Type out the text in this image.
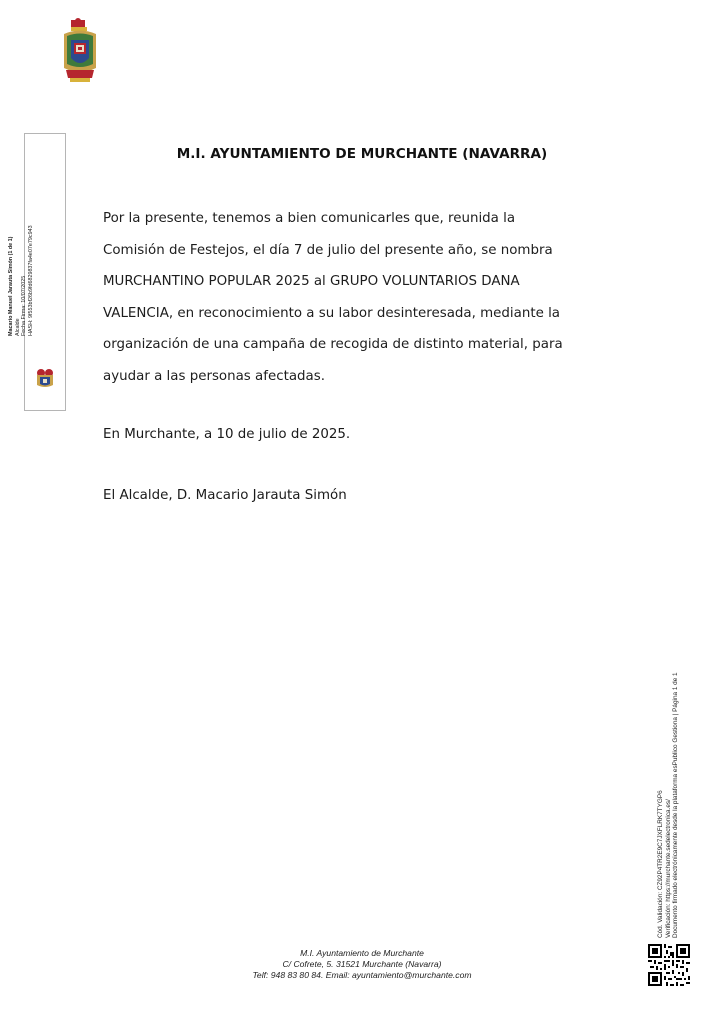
Macario Manuel Jarauta Simón (1 de 1) Alcalde Fecha Firma: 10/07/2025 HASH: 9f553bf26b9fd6829837fa4e07e79c943
M.I. AYUNTAMIENTO DE MURCHANTE (NAVARRA)

Por la presente, tenemos a bien comunicarles que, reunida la

Comisión de Festejos, el día 7 de julio del presente año, se nombra

MURCHANTINO POPULAR 2025 al GRUPO VOLUNTARIOS DANA

VALENCIA, en reconocimiento a su labor desinteresada, mediante la

organización de una campaña de recogida de distinto material, para

ayudar a las personas afectadas.

En Murchante, a 10 de julio de 2025.
El Alcalde, D. Macario Jarauta Simón
M.I. Ayuntamiento de Murchante
C/ Cofrete, 5. 31521 Murchante (Navarra)
Telf: 948 83 80 84. Email: ayuntamiento@murchante.com
Cód. Validación: CZ92P4TR2E9C7JXFLRK7TYGP6 Verificación: https://murchante.sedelectronica.es/ Documento firmado electrónicamente desde la plataforma esPublico Gestiona | Página 1 de 1
